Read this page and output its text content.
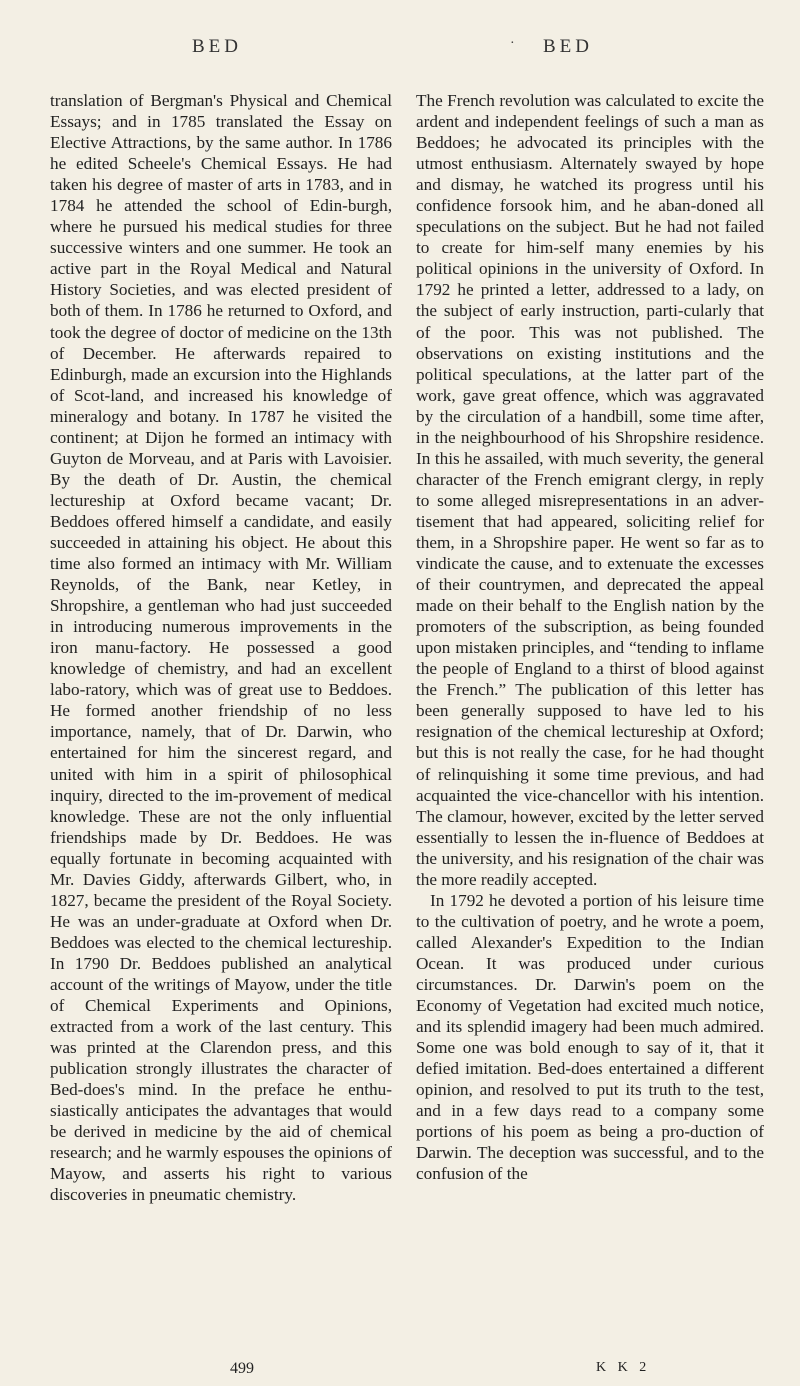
BED	· BED

translation of Bergman's Physical and Chemical Essays; and in 1785 translated the Essay on Elective Attractions, by the same author. In 1786 he edited Scheele's Chemical Essays. He had taken his degree of master of arts in 1783, and in 1784 he attended the school of Edin-burgh, where he pursued his medical studies for three successive winters and one summer. He took an active part in the Royal Medical and Natural History Societies, and was elected president of both of them. In 1786 he returned to Oxford, and took the degree of doctor of medicine on the 13th of December. He afterwards repaired to Edinburgh, made an excursion into the Highlands of Scot-land, and increased his knowledge of mineralogy and botany. In 1787 he visited the continent; at Dijon he formed an intimacy with Guyton de Morveau, and at Paris with Lavoisier. By the death of Dr. Austin, the chemical lectureship at Oxford became vacant; Dr. Beddoes offered himself a candidate, and easily succeeded in attaining his object. He about this time also formed an intimacy with Mr. William Reynolds, of the Bank, near Ketley, in Shropshire, a gentleman who had just succeeded in introducing numerous improvements in the iron manu-factory. He possessed a good knowledge of chemistry, and had an excellent labo-ratory, which was of great use to Beddoes. He formed another friendship of no less importance, namely, that of Dr. Darwin, who entertained for him the sincerest regard, and united with him in a spirit of philosophical inquiry, directed to the im-provement of medical knowledge. These are not the only influential friendships made by Dr. Beddoes. He was equally fortunate in becoming acquainted with Mr. Davies Giddy, afterwards Gilbert, who, in 1827, became the president of the Royal Society. He was an under-graduate at Oxford when Dr. Beddoes was elected to the chemical lectureship. In 1790 Dr. Beddoes published an analytical account of the writings of Mayow, under the title of Chemical Experiments and Opinions, extracted from a work of the last century. This was printed at the Clarendon press, and this publication strongly illustrates the character of Bed-does's mind. In the preface he enthu-siastically anticipates the advantages that would be derived in medicine by the aid of chemical research; and he warmly espouses the opinions of Mayow, and asserts his right to various discoveries in pneumatic chemistry.

The French revolution was calculated to excite the ardent and independent feelings of such a man as Beddoes; he advocated its principles with the utmost enthusiasm. Alternately swayed by hope and dismay, he watched its progress until his confidence forsook him, and he aban-doned all speculations on the subject. But he had not failed to create for him-self many enemies by his political opinions in the university of Oxford. In 1792 he printed a letter, addressed to a lady, on the subject of early instruction, parti-cularly that of the poor. This was not published. The observations on existing institutions and the political speculations, at the latter part of the work, gave great offence, which was aggravated by the circulation of a handbill, some time after, in the neighbourhood of his Shropshire residence. In this he assailed, with much severity, the general character of the French emigrant clergy, in reply to some alleged misrepresentations in an adver-tisement that had appeared, soliciting relief for them, in a Shropshire paper. He went so far as to vindicate the cause, and to extenuate the excesses of their countrymen, and deprecated the appeal made on their behalf to the English nation by the promoters of the subscription, as being founded upon mistaken principles, and “tending to inflame the people of England to a thirst of blood against the French.” The publication of this letter has been generally supposed to have led to his resignation of the chemical lectureship at Oxford; but this is not really the case, for he had thought of relinquishing it some time previous, and had acquainted the vice-chancellor with his intention. The clamour, however, excited by the letter served essentially to lessen the in-fluence of Beddoes at the university, and his resignation of the chair was the more readily accepted.

In 1792 he devoted a portion of his leisure time to the cultivation of poetry, and he wrote a poem, called Alexander's Expedition to the Indian Ocean. It was produced under curious circumstances. Dr. Darwin's poem on the Economy of Vegetation had excited much notice, and its splendid imagery had been much admired. Some one was bold enough to say of it, that it defied imitation. Bed-does entertained a different opinion, and resolved to put its truth to the test, and in a few days read to a company some portions of his poem as being a pro-duction of Darwin. The deception was successful, and to the confusion of the

499	K K 2
